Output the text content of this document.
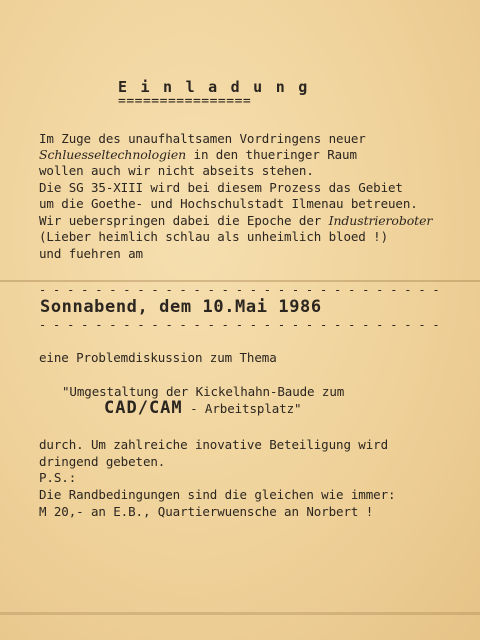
Einladung
================
Im Zuge des unaufhaltsamen Vordringens neuer
Schluesseltechnologien in den thueringer Raum
wollen auch wir nicht abseits stehen.
Die SG 35-XIII wird bei diesem Prozess das Gebiet
um die Goethe- und Hochschulstadt Ilmenau betreuen.
Wir ueberspringen dabei die Epoche der Industrieroboter
(Lieber heimlich schlau als unheimlich bloed !)
und fuehren am
- - - - - - - - - - - - - - - - - - - - - - - - - - - - -
Sonnabend, dem 10.Mai 1986
- - - - - - - - - - - - - - - - - - - - - - - - - - - - -
eine Problemdiskussion zum Thema
"Umgestaltung der Kickelhahn-Baude zum
CAD/CAM - Arbeitsplatz"
durch. Um zahlreiche inovative Beteiligung wird
dringend gebeten.
P.S.:
Die Randbedingungen sind die gleichen wie immer:
M 20,- an E.B., Quartierwuensche an Norbert !
